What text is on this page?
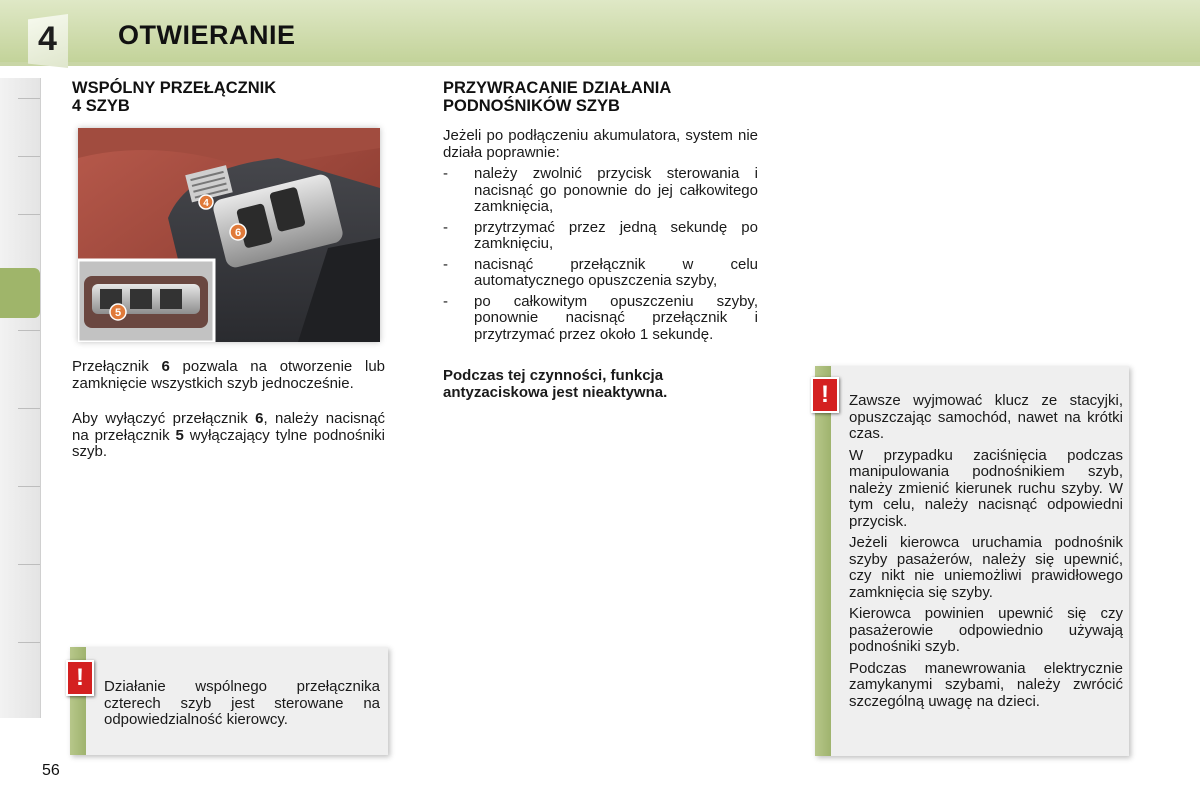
4 OTWIERANIE
WSPÓLNY PRZEŁĄCZNIK
4 SZYB
6
4
5
Przełącznik 6 pozwala na otworzenie lub zamknięcie wszystkich szyb jednocześnie.
Aby wyłączyć przełącznik 6, należy nacisnąć na przełącznik 5 wyłączający tylne podnośniki szyb.
!	Działanie wspólnego przełącznika czterech szyb jest sterowane na odpowiedzialność kierowcy.
PRZYWRACANIE DZIAŁANIA
PODNOŚNIKÓW SZYB
Jeżeli po podłączeniu akumulatora, system nie działa poprawnie:
- należy zwolnić przycisk sterowania i nacisnąć go ponownie do jej całkowitego zamknięcia,
- przytrzymać przez jedną sekundę po zamknięciu,
- nacisnąć przełącznik w celu automatycznego opuszczenia szyby,
- po całkowitym opuszczeniu szyby, ponownie nacisnąć przełącznik i przytrzymać przez około 1 sekundę.
Podczas tej czynności, funkcja antyzaciskowa jest nieaktywna.	!	Zawsze wyjmować klucz ze stacyjki, opuszczając samochód, nawet na krótki czas.

W przypadku zaciśnięcia podczas manipulowania podnośnikiem szyb, należy zmienić kierunek ruchu szyby. W tym celu, należy nacisnąć odpowiedni przycisk.

Jeżeli kierowca uruchamia podnośnik szyby pasażerów, należy się upewnić, czy nikt nie uniemożliwi prawidłowego zamknięcia się szyby.

Kierowca powinien upewnić się czy pasażerowie odpowiednio używają podnośniki szyb.

Podczas manewrowania elektrycznie zamykanymi szybami, należy zwrócić szczególną uwagę na dzieci.

56
